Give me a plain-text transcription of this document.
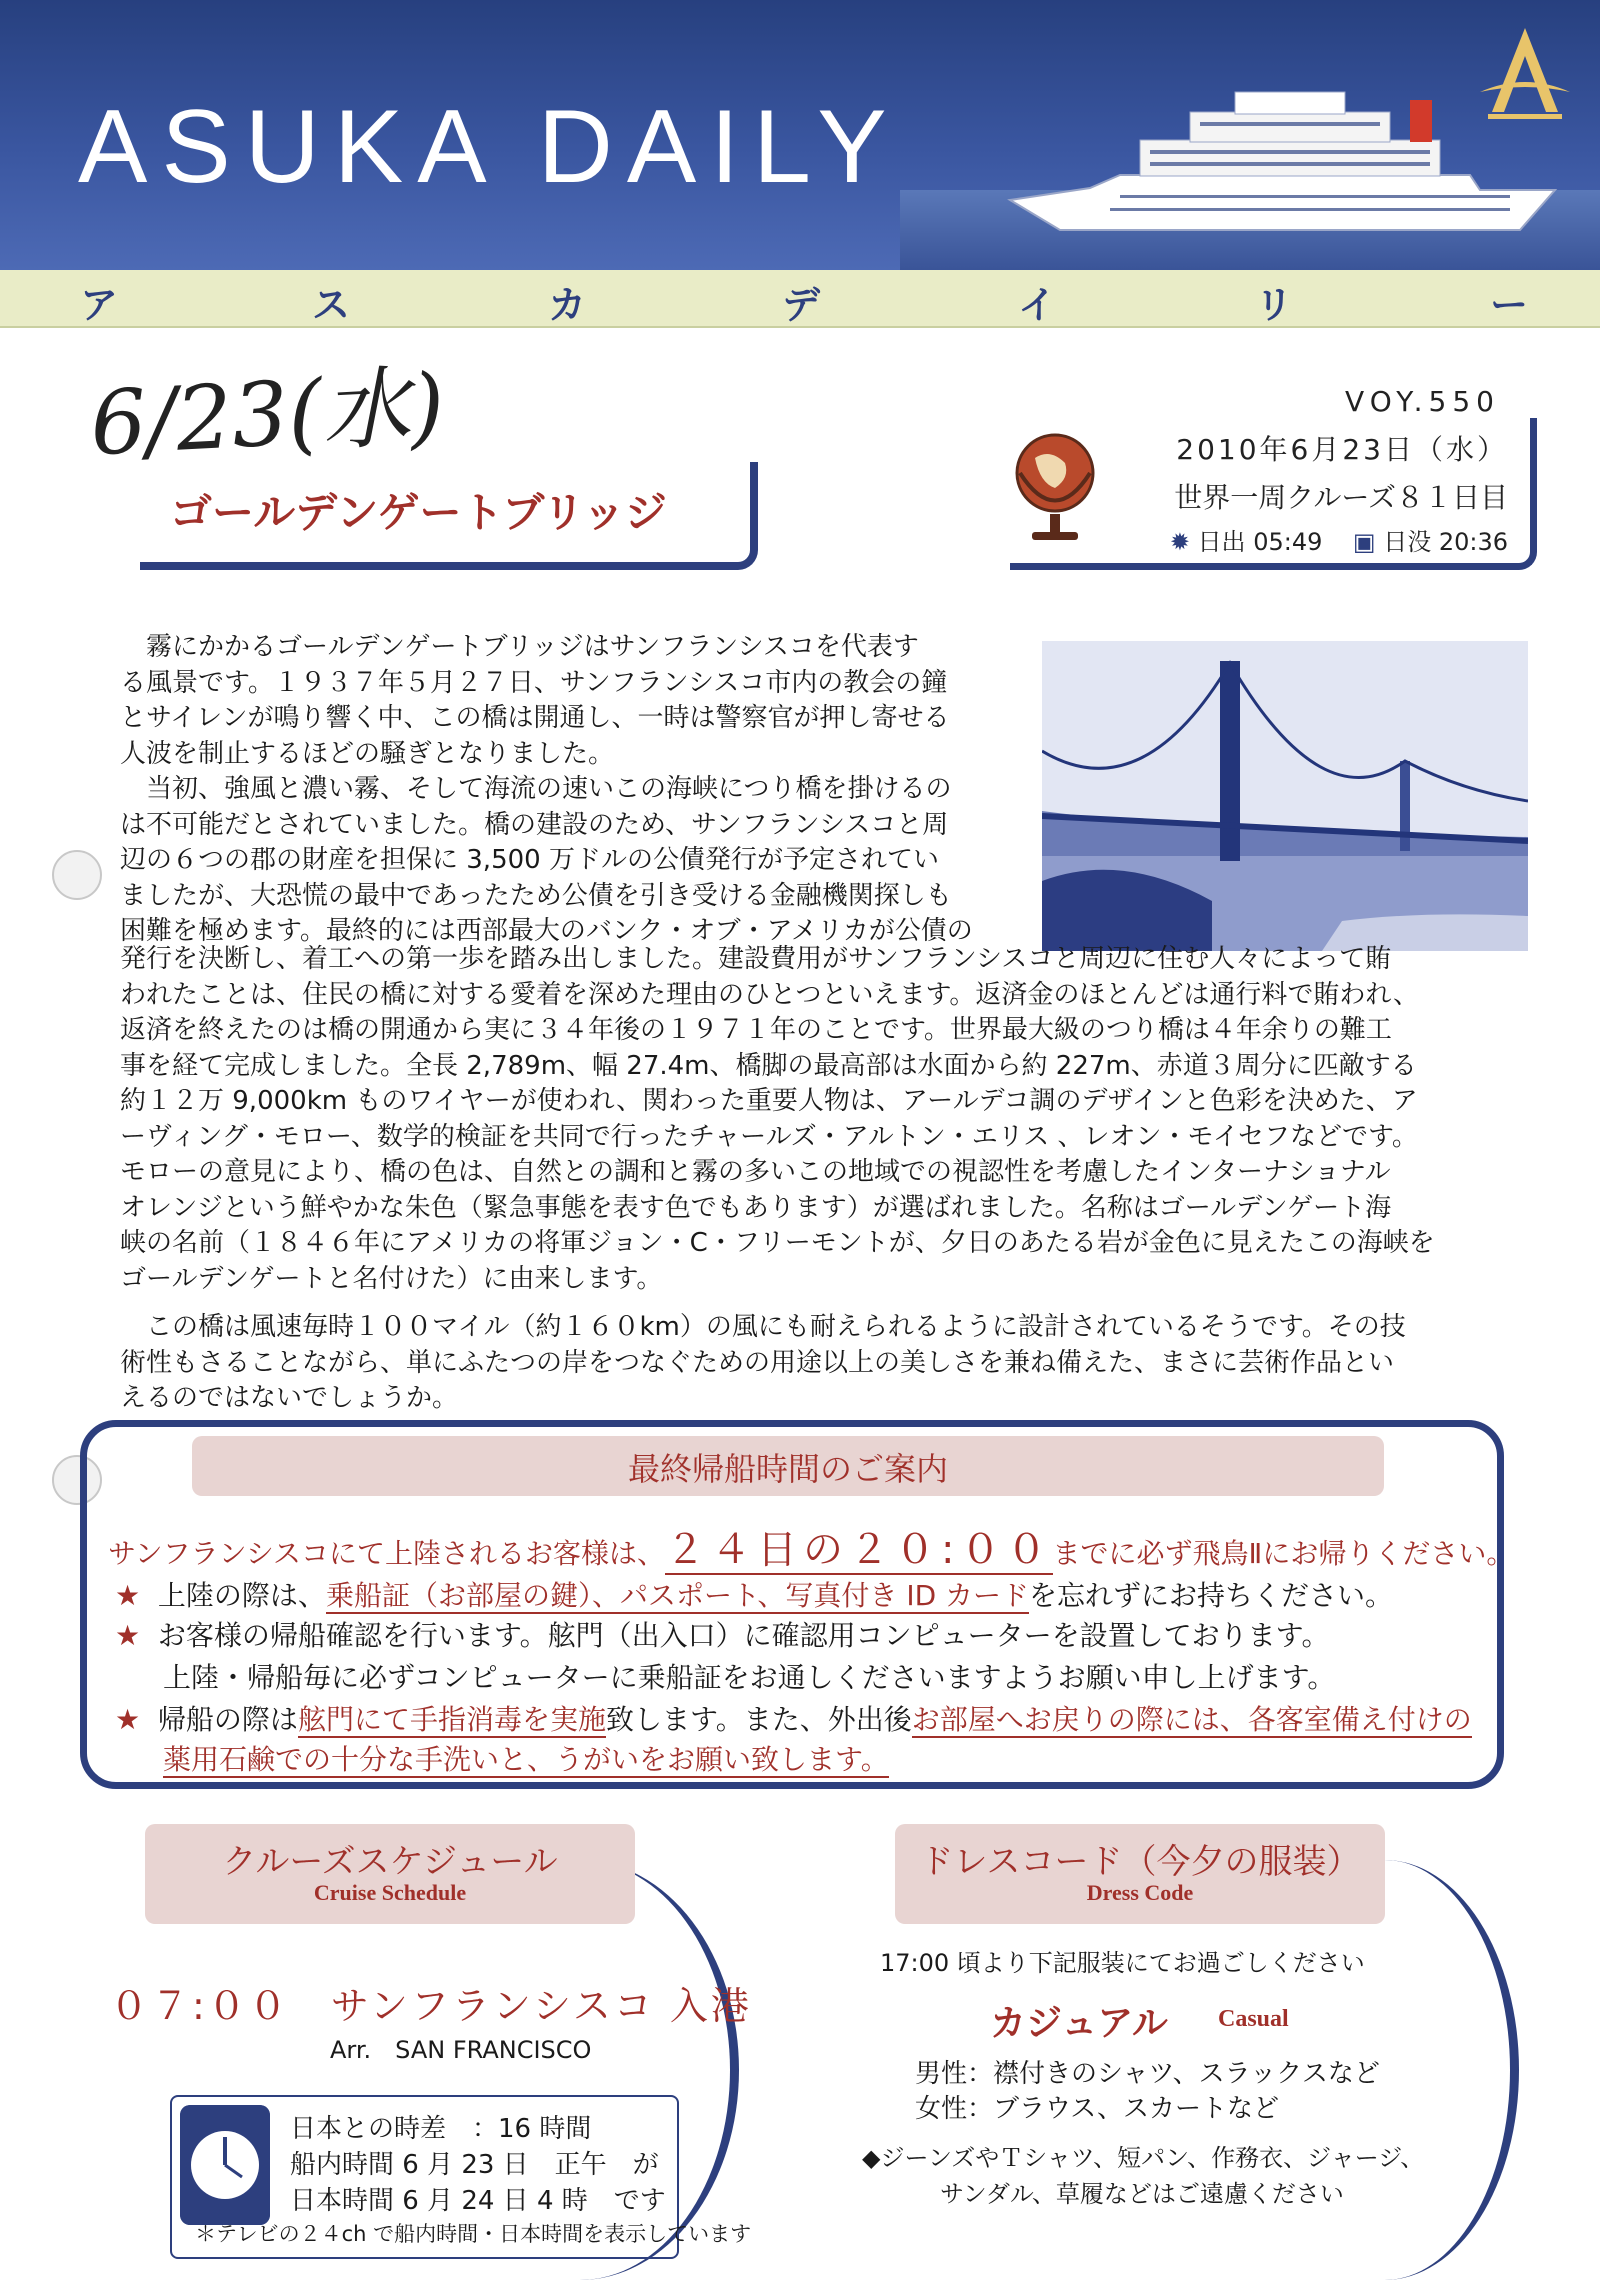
ASUKA DAILY
ア	ス	カ	デ	イ	リ	ー
6/23(水)	VOY.550
2010年6月23日（水）
世界一周クルーズ８１日目
✹ 日出 05:49 ▣ 日没 20:36
ゴールデンゲートブリッジ
　霧にかかるゴールデンゲートブリッジはサンフランシスコを代表す
る風景です。１９３７年５月２７日、サンフランシスコ市内の教会の鐘
とサイレンが鳴り響く中、この橋は開通し、一時は警察官が押し寄せる
人波を制止するほどの騒ぎとなりました。
　当初、強風と濃い霧、そして海流の速いこの海峡につり橋を掛けるの
は不可能だとされていました。橋の建設のため、サンフランシスコと周
辺の６つの郡の財産を担保に 3,500 万ドルの公債発行が予定されてい
ましたが、大恐慌の最中であったため公債を引き受ける金融機関探しも
困難を極めます。最終的には西部最大のバンク・オブ・アメリカが公債の
発行を決断し、着工への第一歩を踏み出しました。建設費用がサンフランシスコと周辺に住む人々によって賄
われたことは、住民の橋に対する愛着を深めた理由のひとつといえます。返済金のほとんどは通行料で賄われ、
返済を終えたのは橋の開通から実に３４年後の１９７１年のことです。世界最大級のつり橋は４年余りの難工
事を経て完成しました。全長 2,789m、幅 27.4m、橋脚の最高部は水面から約 227m、赤道３周分に匹敵する
約１２万 9,000km ものワイヤーが使われ、関わった重要人物は、アールデコ調のデザインと色彩を決めた、ア
ーヴィング・モロー、数学的検証を共同で行ったチャールズ・アルトン・エリス 、レオン・モイセフなどです。
モローの意見により、橋の色は、自然との調和と霧の多いこの地域での視認性を考慮したインターナショナル
オレンジという鮮やかな朱色（緊急事態を表す色でもあります）が選ばれました。名称はゴールデンゲート海
峡の名前（１８４６年にアメリカの将軍ジョン・C・フリーモントが、夕日のあたる岩が金色に見えたこの海峡を
ゴールデンゲートと名付けた）に由来します。
　この橋は風速毎時１００マイル（約１６０km）の風にも耐えられるように設計されているそうです。その技
術性もさることながら、単にふたつの岸をつなぐための用途以上の美しさを兼ね備えた、まさに芸術作品とい
えるのではないでしょうか。
最終帰船時間のご案内
サンフランシスコにて上陸されるお客様は、２４日の２０:００までに必ず飛鳥Ⅱにお帰りください。
★ 上陸の際は、乗船証（お部屋の鍵）、パスポート、写真付き ID カードを忘れずにお持ちください。
★ お客様の帰船確認を行います。舷門（出入口）に確認用コンピューターを設置しております。
上陸・帰船毎に必ずコンピューターに乗船証をお通しくださいますようお願い申し上げます。
★ 帰船の際は舷門にて手指消毒を実施致します。また、外出後お部屋へお戻りの際には、各客室備え付けの
薬用石鹸での十分な手洗いと、うがいをお願い致します。
クルーズスケジュール
Cruise Schedule
０７:００　サンフランシスコ 入港
Arr.　SAN FRANCISCO
日本との時差　：16 時間
船内時間 6 月 23 日　正午　が
日本時間 6 月 24 日 4 時　です
＊テレビの２４ch で船内時間・日本時間を表示しています
ドレスコード（今夕の服装）
Dress Code
17:00 頃より下記服装にてお過ごしください
カジュアル Casual
男性：襟付きのシャツ、スラックスなど
女性：ブラウス、スカートなど
◆ジーンズやＴシャツ、短パン、作務衣、ジャージ、
サンダル、草履などはご遠慮ください
